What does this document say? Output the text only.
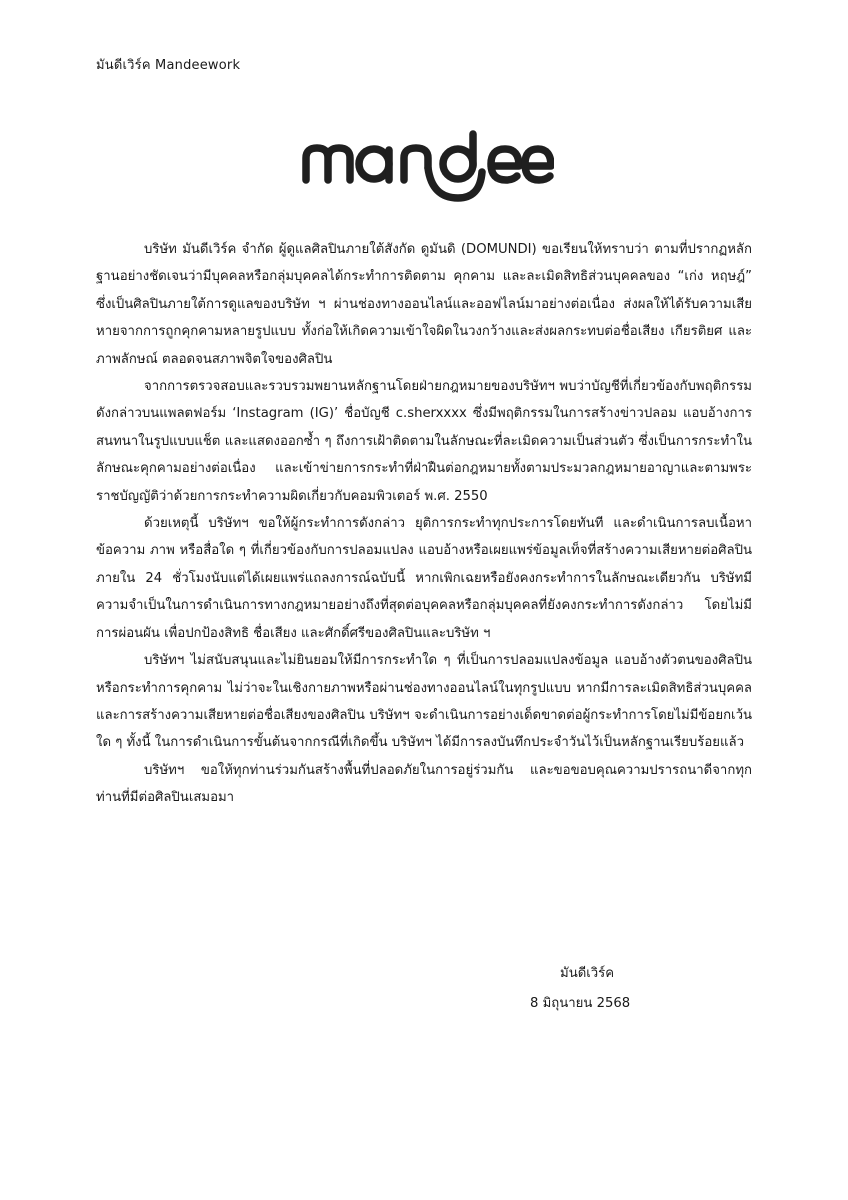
มันดีเวิร์ค Mandeework

บริษัท มันดีเวิร์ค จำกัด ผู้ดูแลศิลปินภายใต้สังกัด ดูมันดิ (DOMUNDI) ขอเรียนให้ทราบว่า ตามที่ปรากฏหลักฐานอย่างชัดเจนว่ามีบุคคลหรือกลุ่มบุคคลได้กระทำการติดตาม คุกคาม และละเมิดสิทธิส่วนบุคคลของ “เก่ง หฤษฎ์” ซึ่งเป็นศิลปินภายใต้การดูแลของบริษัท ฯ ผ่านช่องทางออนไลน์และออฟไลน์มาอย่างต่อเนื่อง ส่งผลให้ได้รับความเสียหายจากการถูกคุกคามหลายรูปแบบ ทั้งก่อให้เกิดความเข้าใจผิดในวงกว้างและส่งผลกระทบต่อชื่อเสียง เกียรติยศ และภาพลักษณ์ ตลอดจนสภาพจิตใจของศิลปิน

จากการตรวจสอบและรวบรวมพยานหลักฐานโดยฝ่ายกฎหมายของบริษัทฯ พบว่าบัญชีที่เกี่ยวข้องกับพฤติกรรมดังกล่าวบนแพลตฟอร์ม ‘Instagram (IG)’ ชื่อบัญชี c.sherxxxx ซึ่งมีพฤติกรรมในการสร้างข่าวปลอม แอบอ้างการสนทนาในรูปแบบแช็ต และแสดงออกซ้ำ ๆ ถึงการเฝ้าติดตามในลักษณะที่ละเมิดความเป็นส่วนตัว ซึ่งเป็นการกระทำในลักษณะคุกคามอย่างต่อเนื่อง และเข้าข่ายการกระทำที่ฝ่าฝืนต่อกฎหมายทั้งตามประมวลกฎหมายอาญาและตามพระราชบัญญัติว่าด้วยการกระทำความผิดเกี่ยวกับคอมพิวเตอร์ พ.ศ. 2550

ด้วยเหตุนี้ บริษัทฯ ขอให้ผู้กระทำการดังกล่าว ยุติการกระทำทุกประการโดยทันที และดำเนินการลบเนื้อหา ข้อความ ภาพ หรือสื่อใด ๆ ที่เกี่ยวข้องกับการปลอมแปลง แอบอ้างหรือเผยแพร่ข้อมูลเท็จที่สร้างความเสียหายต่อศิลปินภายใน 24 ชั่วโมงนับแต่ได้เผยแพร่แถลงการณ์ฉบับนี้ หากเพิกเฉยหรือยังคงกระทำการในลักษณะเดียวกัน บริษัทมีความจำเป็นในการดำเนินการทางกฎหมายอย่างถึงที่สุดต่อบุคคลหรือกลุ่มบุคคลที่ยังคงกระทำการดังกล่าว โดยไม่มีการผ่อนผัน เพื่อปกป้องสิทธิ ชื่อเสียง และศักดิ์ศรีของศิลปินและบริษัท ฯ

บริษัทฯ ไม่สนับสนุนและไม่ยินยอมให้มีการกระทำใด ๆ ที่เป็นการปลอมแปลงข้อมูล แอบอ้างตัวตนของศิลปินหรือกระทำการคุกคาม ไม่ว่าจะในเชิงกายภาพหรือผ่านช่องทางออนไลน์ในทุกรูปแบบ หากมีการละเมิดสิทธิส่วนบุคคลและการสร้างความเสียหายต่อชื่อเสียงของศิลปิน บริษัทฯ จะดำเนินการอย่างเด็ดขาดต่อผู้กระทำการโดยไม่มีข้อยกเว้นใด ๆ ทั้งนี้ ในการดำเนินการขั้นต้นจากกรณีที่เกิดขึ้น บริษัทฯ ได้มีการลงบันทึกประจำวันไว้เป็นหลักฐานเรียบร้อยแล้ว

บริษัทฯ ขอให้ทุกท่านร่วมกันสร้างพื้นที่ปลอดภัยในการอยู่ร่วมกัน และขอขอบคุณความปรารถนาดีจากทุกท่านที่มีต่อศิลปินเสมอมา

มันดีเวิร์ค
8 มิถุนายน 2568
